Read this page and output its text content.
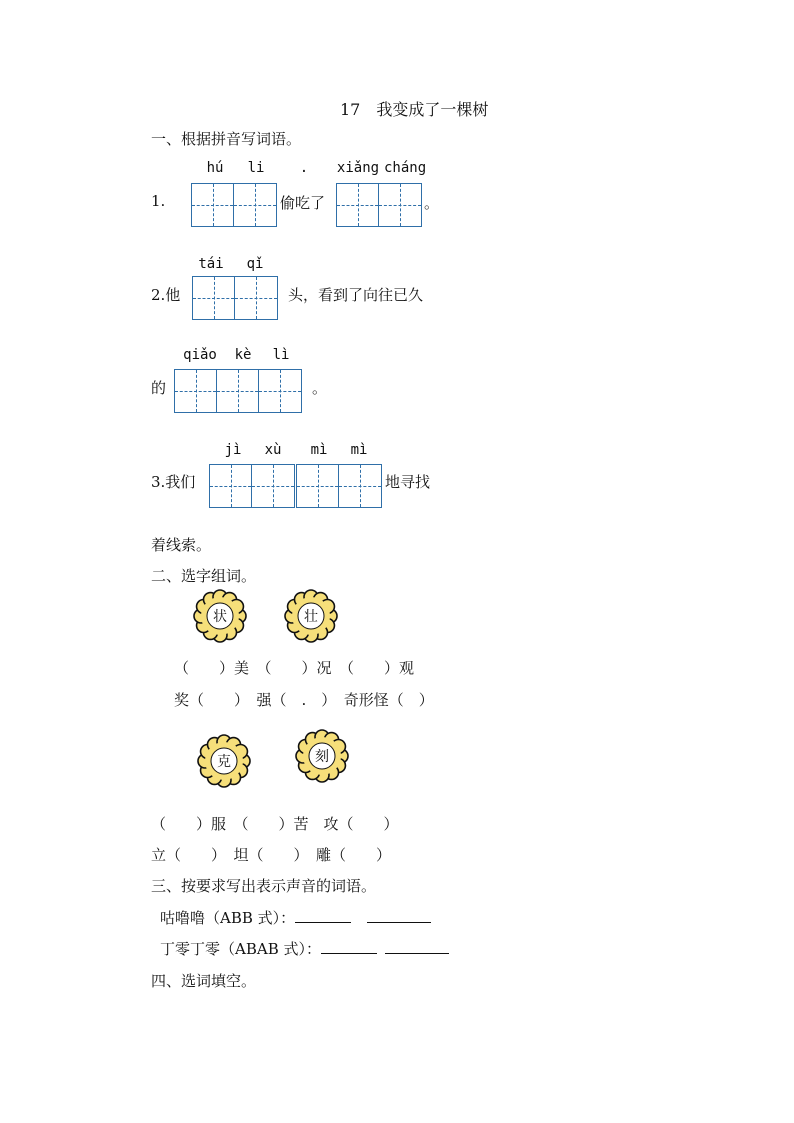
17　我变成了一棵树
一、根据拼音写词语。
hú	li	.	xiǎng cháng
1.	偷吃了	。
tái	qǐ
2.他	头，看到了向往已久
qiǎo	kè	lì
的	。
jì	xù	mì	mì
3.我们	地寻找
着线索。
二、选字组词。
状	壮
（　　）美　（　　）况　（　　）观
奖（　　）　强（　.　）　奇形怪（　）
克	刻
（　　）服　（　　）苦　攻（　　）
立（　　）　坦（　　）　雕（　　）
三、按要求写出表示声音的词语。
咕噜噜（ABB 式）：
丁零丁零（ABAB 式）：
四、选词填空。
